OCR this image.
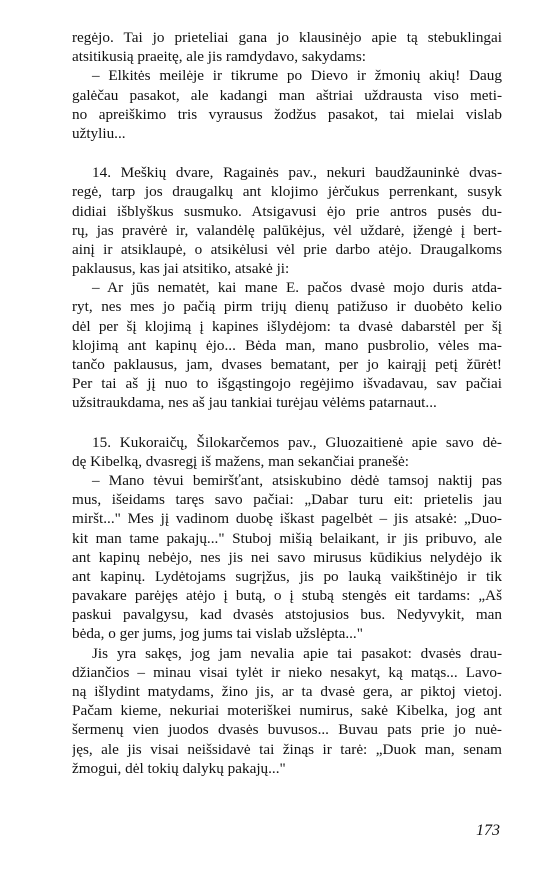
regėjo. Tai jo prieteliai gana jo klausinėjo apie tą stebuklingai
atsitikusią praeitę, ale jis ramdydavo, sakydams:
– Elkitės meilėje ir tikrume po Dievo ir žmonių akių! Daug
galėčau pasakot, ale kadangi man aštriai uždrausta viso meti-
no apreiškimo tris vyrausus žodžus pasakot, tai mielai vislab
užtyliu...
14. Meškių dvare, Ragainės pav., nekuri baudžauninkė dvas-
regė, tarp jos draugalkų ant klojimo jėrčukus perrenkant, susyk
didiai išblyškus susmuko. Atsigavusi ėjo prie antros pusės du-
rų, jas pravėrė ir, valandėlę palūkėjus, vėl uždarė, įžengė į bert-
ainį ir atsiklaupė, o atsikėlusi vėl prie darbo atėjo. Draugalkoms
paklausus, kas jai atsitiko, atsakė ji:
– Ar jūs nematėt, kai mane E. pačos dvasė mojo duris atda-
ryt, nes mes jo pačią pirm trijų dienų patižuso ir duobėto kelio
dėl per šį klojimą į kapines išlydėjom: ta dvasė dabarstėl per šį
klojimą ant kapinų ėjo... Bėda man, mano pusbrolio, vėles ma-
tančo paklausus, jam, dvases bematant, per jo kairąjį petį žūrėt!
Per tai aš jį nuo to išgąstingojo regėjimo išvadavau, sav pačiai
užsitraukdama, nes aš jau tankiai turėjau vėlėms patarnaut...
15. Kukoraičų, Šilokarčemos pav., Gluozaitienė apie savo dė-
dę Kibelką, dvasregį iš mažens, man sekančiai pranešė:
– Mano tėvui bemiršťant, atsiskubino dėdė tamsoj naktij pas
mus, išeidams taręs savo pačiai: „Dabar turu eit: prietelis jau
miršt..." Mes jį vadinom duobę iškast pagelbėt – jis atsakė: „Duo-
kit man tame pakajų..." Stuboj mišią belaikant, ir jis pribuvo, ale
ant kapinų nebėjo, nes jis nei savo mirusus kūdikius nelydėjo ik
ant kapinų. Lydėtojams sugrįžus, jis po lauką vaikštinėjo ir tik
pavakare parėjęs atėjo į butą, o į stubą stengės eit tardams: „Aš
paskui pavalgysu, kad dvasės atstojusios bus. Nedyvykit, man
bėda, o ger jums, jog jums tai vislab užslėpta..."
Jis yra sakęs, jog jam nevalia apie tai pasakot: dvasės drau-
džiančios – minau visai tylėt ir nieko nesakyt, ką matąs... Lavo-
ną išlydint matydams, žino jis, ar ta dvasė gera, ar piktoj vietoj.
Pačam kieme, nekuriai moteriškei numirus, sakė Kibelka, jog ant
šermenų vien juodos dvasės buvusos... Buvau pats prie jo nuė-
jęs, ale jis visai neišsidavė tai žinąs ir tarė: „Duok man, senam
žmogui, dėl tokių dalykų pakajų..."
173
